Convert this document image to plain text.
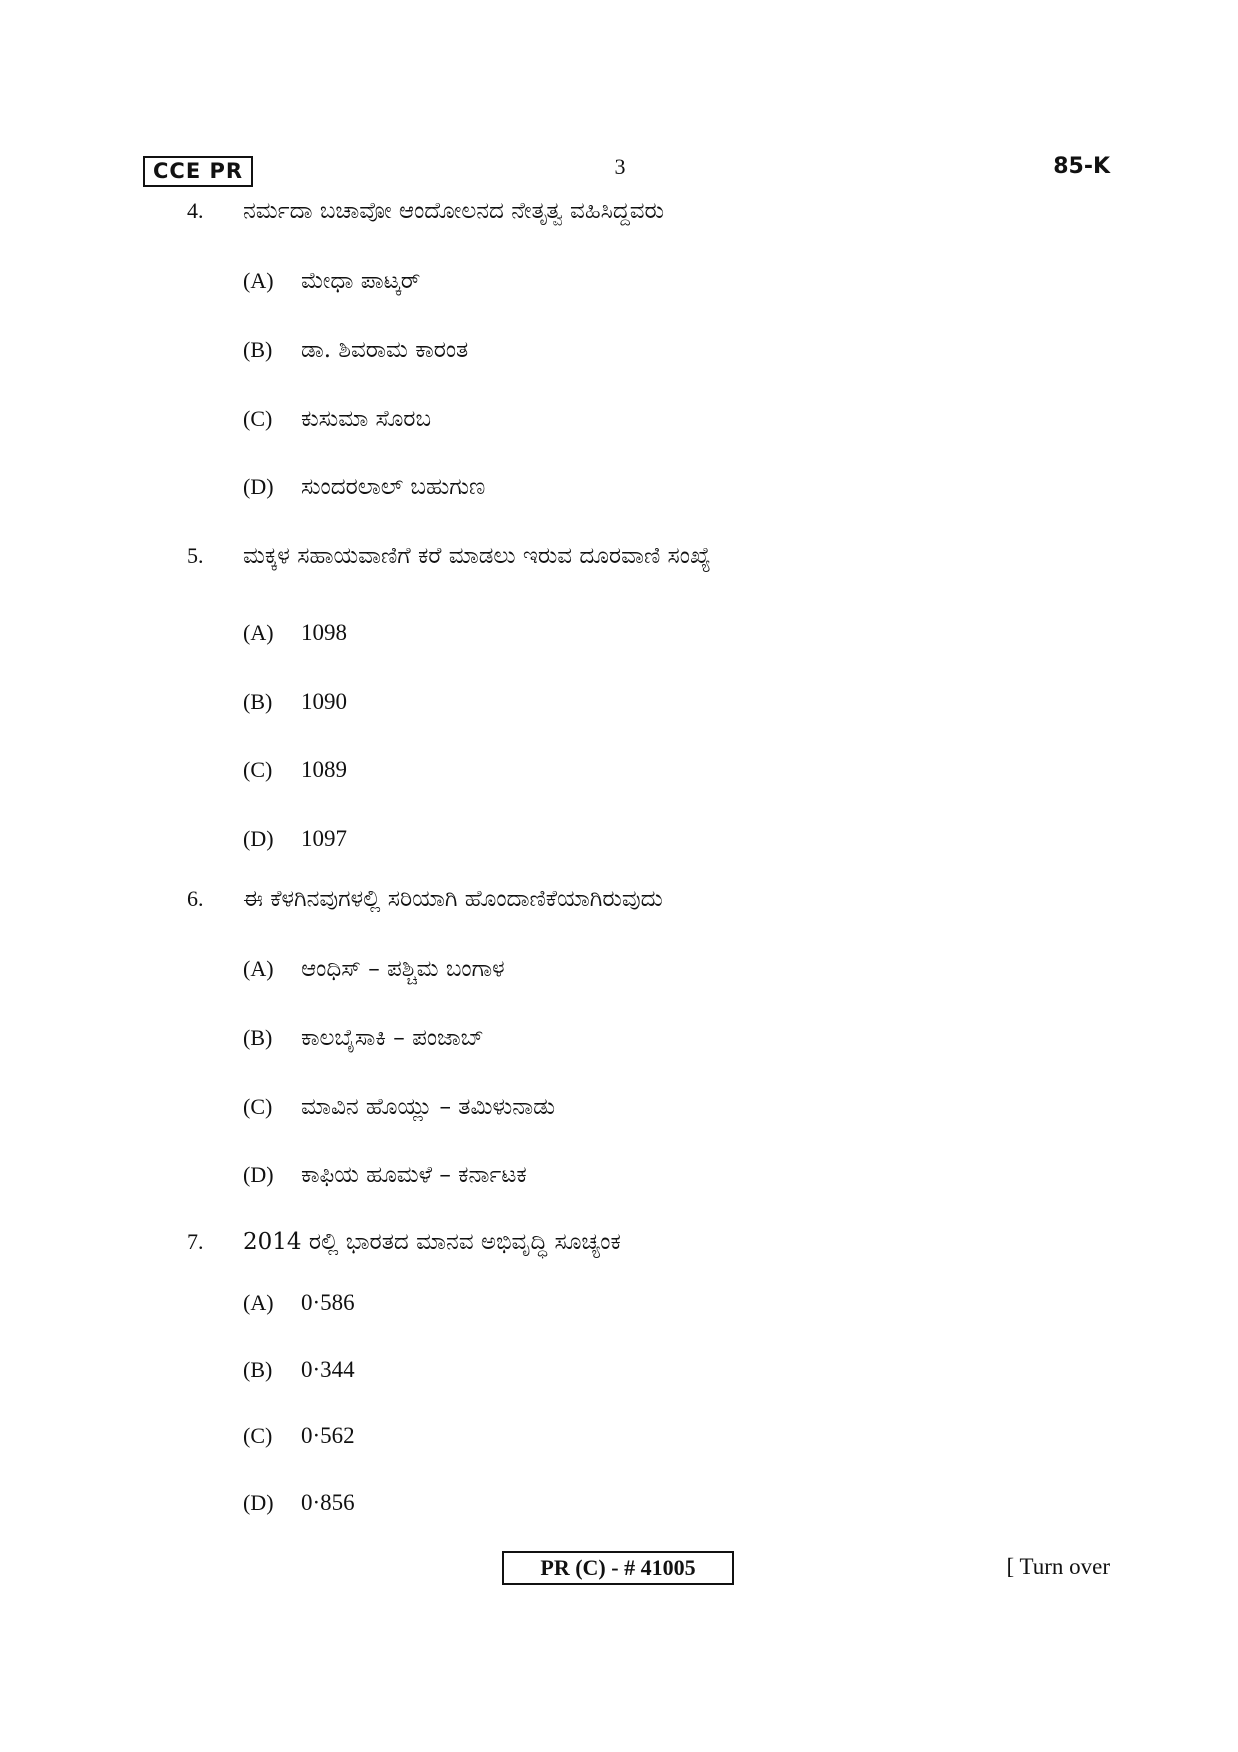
CCE PR	3	85-K
4. ನರ್ಮದಾ ಬಚಾವೋ ಆಂದೋಲನದ ನೇತೃತ್ವ ವಹಿಸಿದ್ದವರು
(A) ಮೇಧಾ ಪಾಟ್ಕರ್
(B) ಡಾ. ಶಿವರಾಮ ಕಾರಂತ
(C) ಕುಸುಮಾ ಸೊರಬ
(D) ಸುಂದರಲಾಲ್ ಬಹುಗುಣ
5. ಮಕ್ಕಳ ಸಹಾಯವಾಣಿಗೆ ಕರೆ ಮಾಡಲು ಇರುವ ದೂರವಾಣಿ ಸಂಖ್ಯೆ
(A) 1098
(B) 1090
(C) 1089
(D) 1097
6. ಈ ಕೆಳಗಿನವುಗಳಲ್ಲಿ ಸರಿಯಾಗಿ ಹೊಂದಾಣಿಕೆಯಾಗಿರುವುದು
(A) ಆಂಧಿಸ್ – ಪಶ್ಚಿಮ ಬಂಗಾಳ
(B) ಕಾಲಬೈಸಾಕಿ – ಪಂಜಾಬ್
(C) ಮಾವಿನ ಹೊಯ್ಲು – ತಮಿಳುನಾಡು
(D) ಕಾಫಿಯ ಹೂಮಳೆ – ಕರ್ನಾಟಕ
7. 2014 ರಲ್ಲಿ ಭಾರತದ ಮಾನವ ಅಭಿವೃದ್ಧಿ ಸೂಚ್ಯಂಕ
(A) 0·586
(B) 0·344
(C) 0·562
(D) 0·856
PR (C) - # 41005	[ Turn over
